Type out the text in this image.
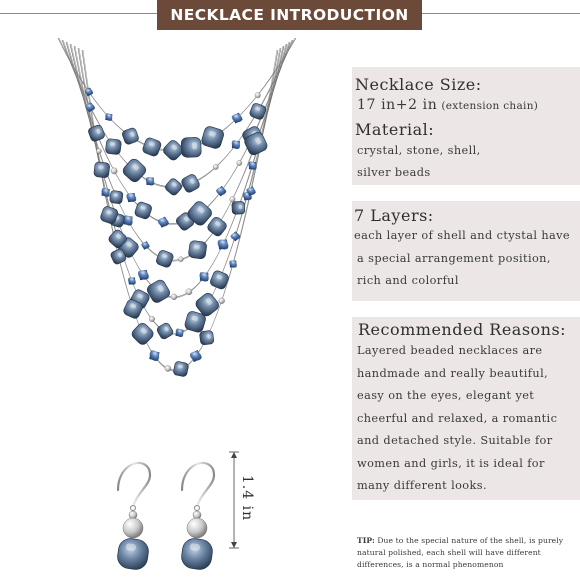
NECKLACE INTRODUCTION
1.4 in
Necklace Size:
17 in+2 in (extension chain)
Material:
crystal, stone, shell,
silver beads
7 Layers:
each layer of shell and ctystal have
a special arrangement position,
rich and colorful
Recommended Reasons:
Layered beaded necklaces are
handmade and really beautiful,
easy on the eyes, elegant yet
cheerful and relaxed, a romantic
and detached style. Suitable for
women and girls, it is ideal for
many different looks.
TIP: Due to the special nature of the shell, is purely natural polished, each shell will have different differences, is a normal phenomenon
